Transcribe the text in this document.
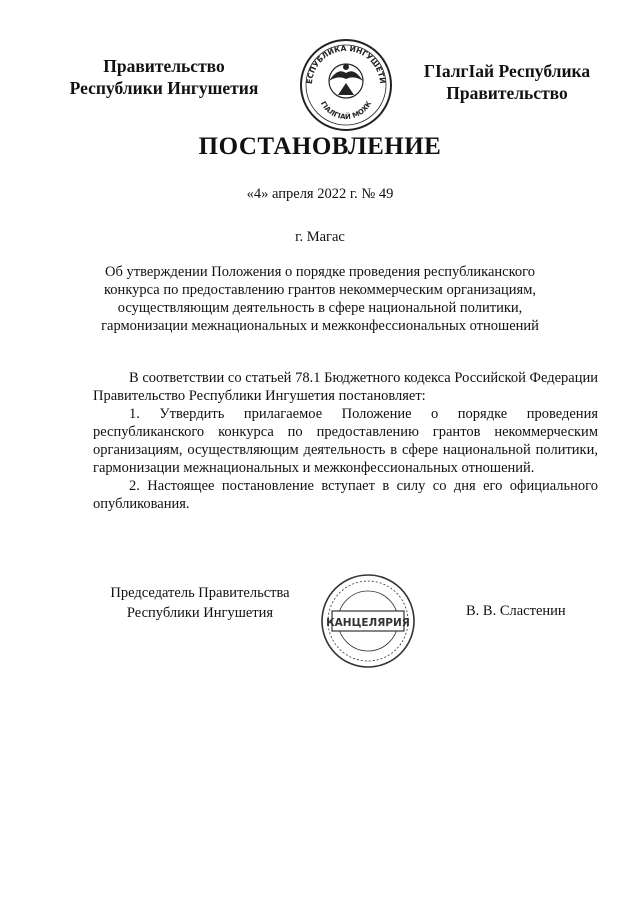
Правительство
Республики Ингушетия	ЕСПУБЛИКА ИНГУШЕТИ
ГIАЛГIАЙ МОХК
ГIалгIай Республика
Правительство
ПОСТАНОВЛЕНИЕ
«4» апреля 2022 г. № 49
г. Магас
Об утверждении Положения о порядке проведения республиканского конкурса по предоставлению грантов некоммерческим организациям, осуществляющим деятельность в сфере национальной политики, гармонизации межнациональных и межконфессиональных отношений

В соответствии со статьей 78.1 Бюджетного кодекса Российской Федерации Правительство Республики Ингушетия постановляет:

1. Утвердить прилагаемое Положение о порядке проведения республиканского конкурса по предоставлению грантов некоммерческим организациям, осуществляющим деятельность в сфере национальной политики, гармонизации межнациональных и межконфессиональных отношений.

2. Настоящее постановление вступает в силу со дня его официального опубликования.

Председатель Правительства
Республики Ингушетия
КАНЦЕЛЯРИЯ
В. В. Сластенин
